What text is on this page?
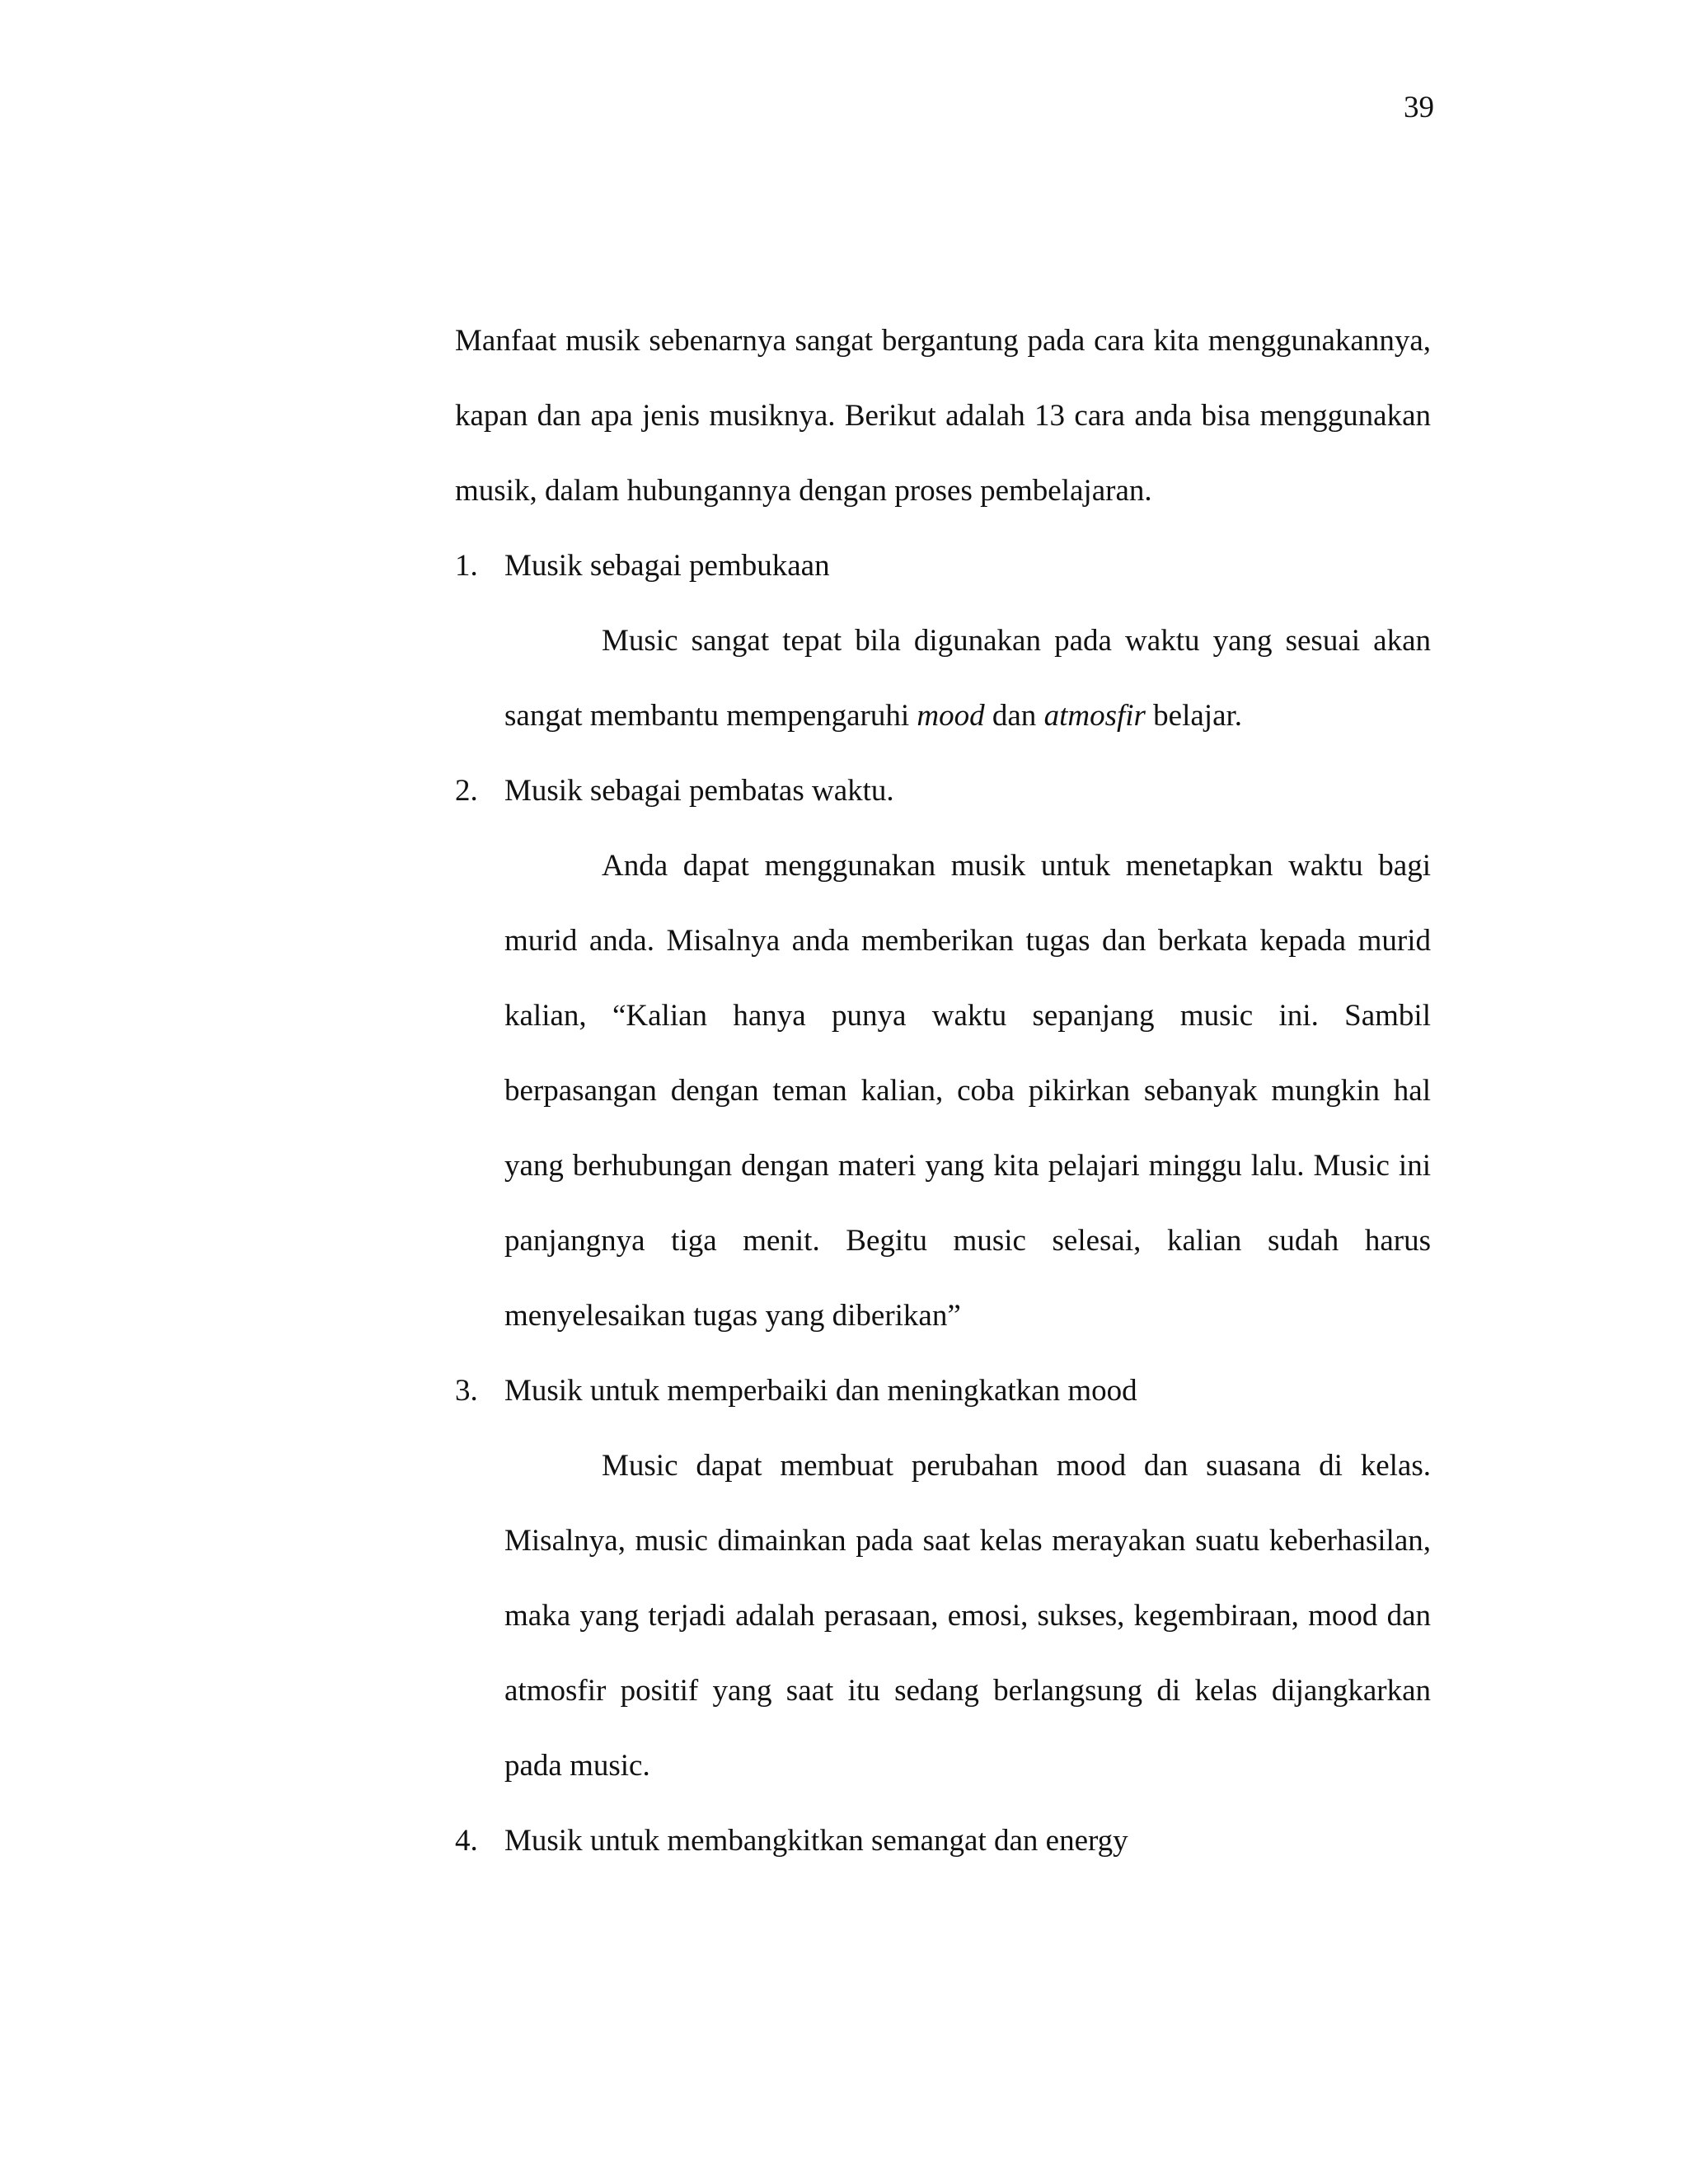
39

Manfaat musik sebenarnya sangat bergantung pada cara kita menggunakannya, kapan dan apa jenis musiknya. Berikut adalah 13 cara anda bisa menggunakan musik, dalam hubungannya dengan proses pembelajaran.

1. Musik sebagai pembukaan

Music sangat tepat bila digunakan pada waktu yang sesuai akan sangat membantu mempengaruhi mood dan atmosfir belajar.

2. Musik sebagai pembatas waktu.

Anda dapat menggunakan musik untuk menetapkan waktu bagi murid anda. Misalnya anda memberikan tugas dan berkata kepada murid kalian, “Kalian hanya punya waktu sepanjang music ini. Sambil berpasangan dengan teman kalian, coba pikirkan sebanyak mungkin hal yang berhubungan dengan materi yang kita pelajari minggu lalu. Music ini panjangnya tiga menit. Begitu music selesai, kalian sudah harus menyelesaikan tugas yang diberikan”

3. Musik untuk memperbaiki dan meningkatkan mood

Music dapat membuat perubahan mood dan suasana di kelas. Misalnya, music dimainkan pada saat kelas merayakan suatu keberhasilan, maka yang terjadi adalah perasaan, emosi, sukses, kegembiraan, mood dan atmosfir positif yang saat itu sedang berlangsung di kelas dijangkarkan pada music.

4. Musik untuk membangkitkan semangat dan energy
